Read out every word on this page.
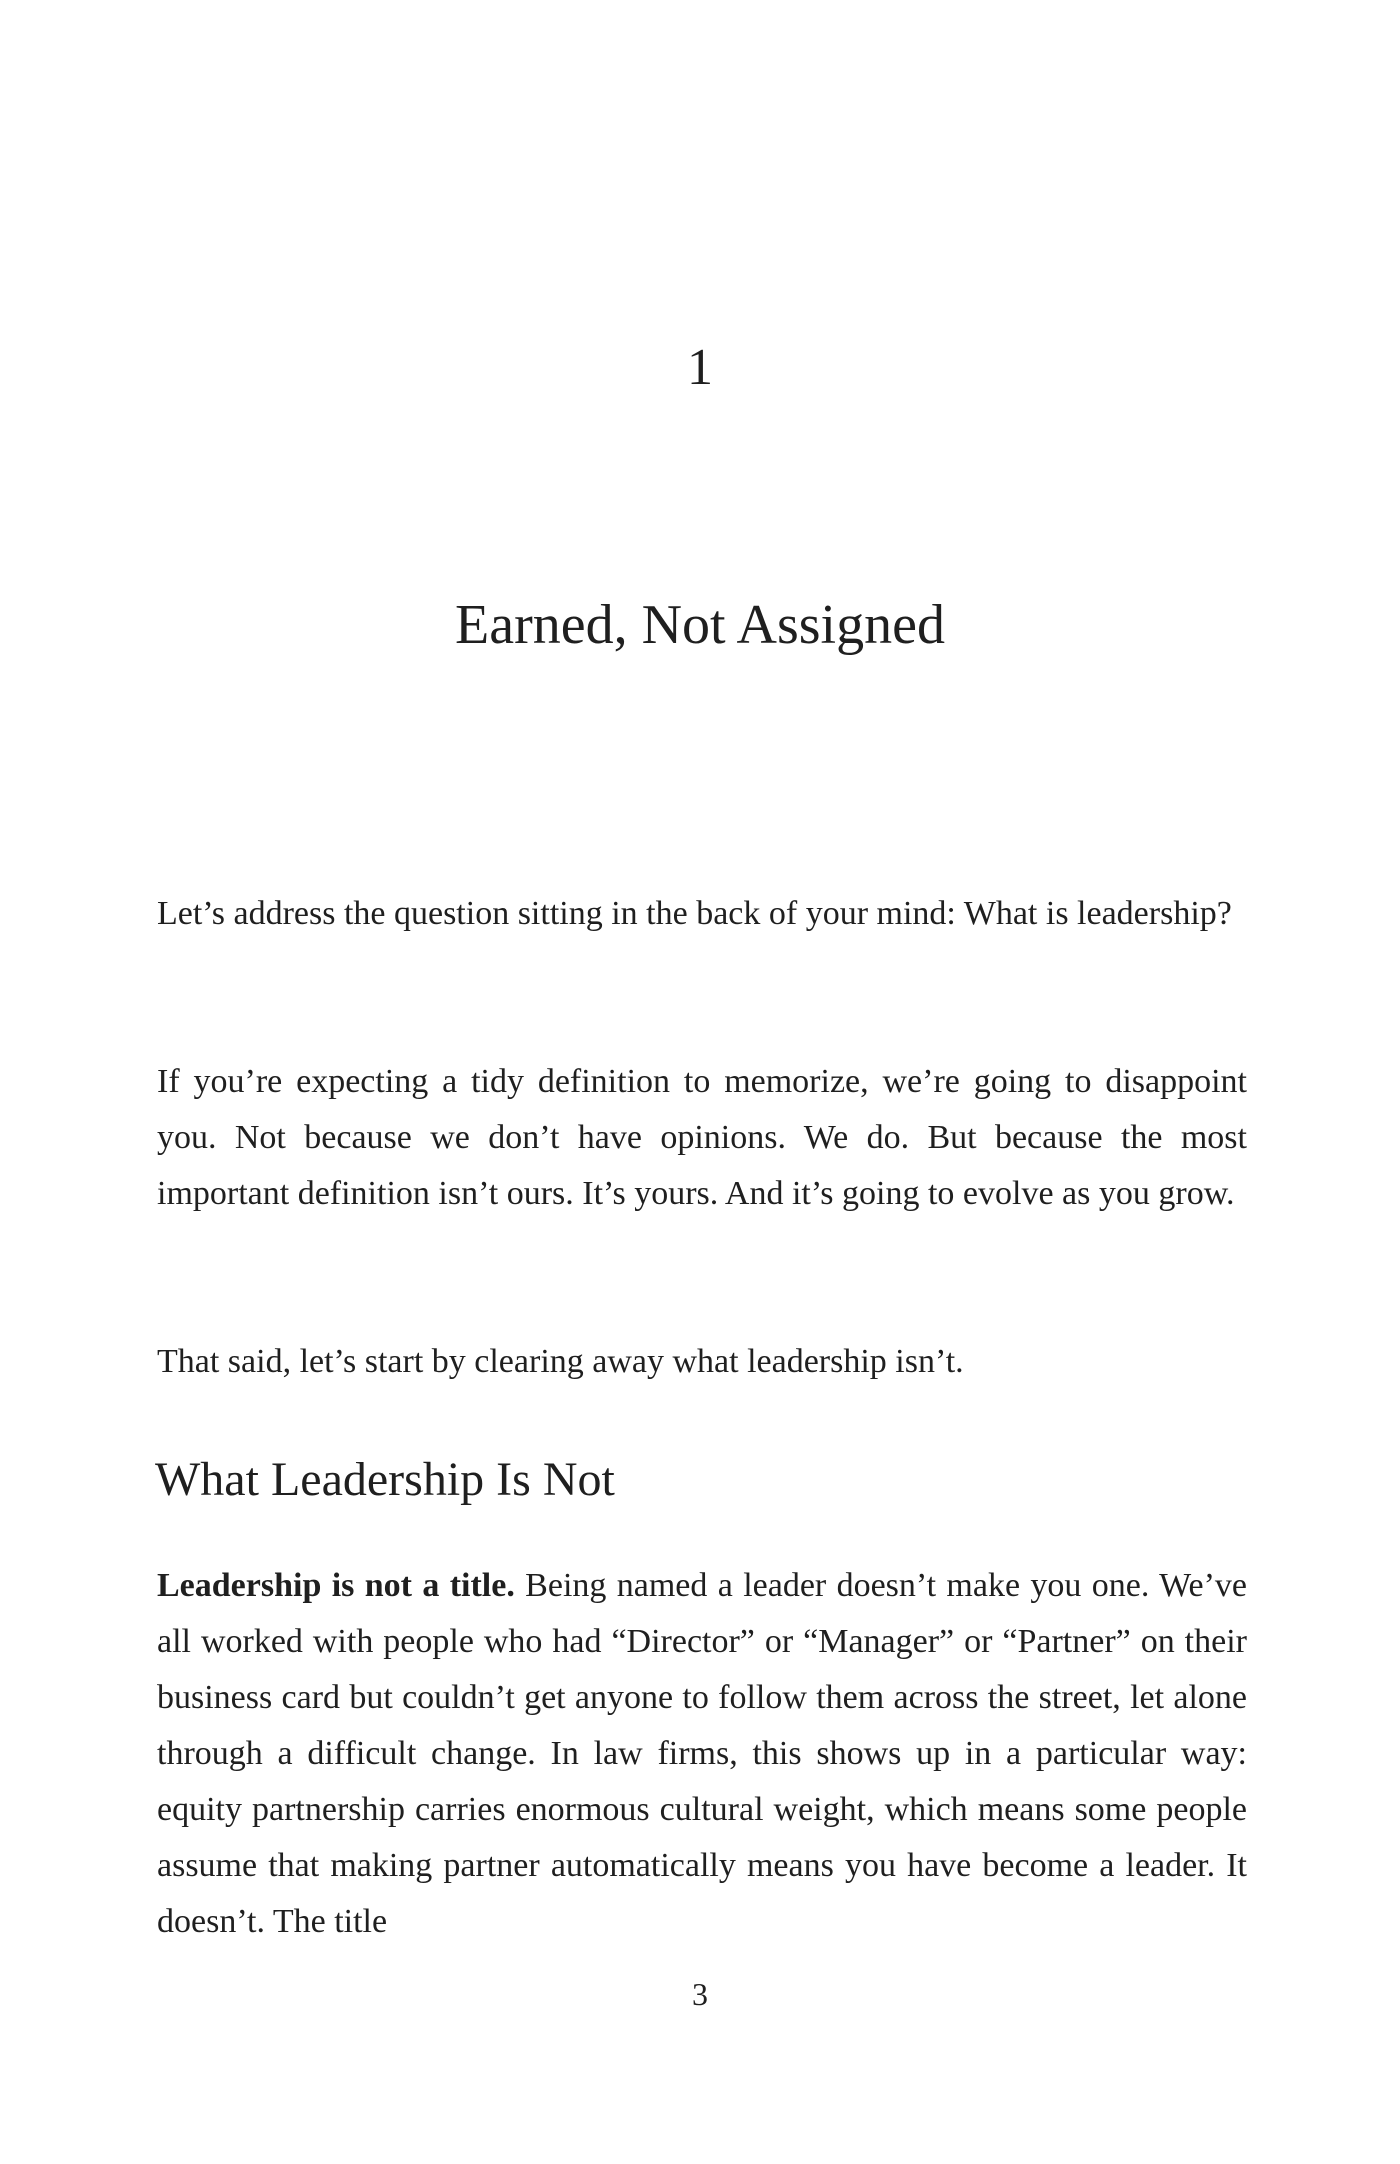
1
Earned, Not Assigned

Let’s address the question sitting in the back of your mind: What is leadership?

If you’re expecting a tidy definition to memorize, we’re going to disappoint you. Not because we don’t have opinions. We do. But because the most important definition isn’t ours. It’s yours. And it’s going to evolve as you grow.

That said, let’s start by clearing away what leadership isn’t.

What Leadership Is Not

Leadership is not a title. Being named a leader doesn’t make you one. We’ve all worked with people who had “Director” or “Manager” or “Partner” on their business card but couldn’t get anyone to follow them across the street, let alone through a difficult change. In law firms, this shows up in a particular way: equity partnership carries enormous cultural weight, which means some people assume that making partner automatically means you have become a leader. It doesn’t. The title

3
